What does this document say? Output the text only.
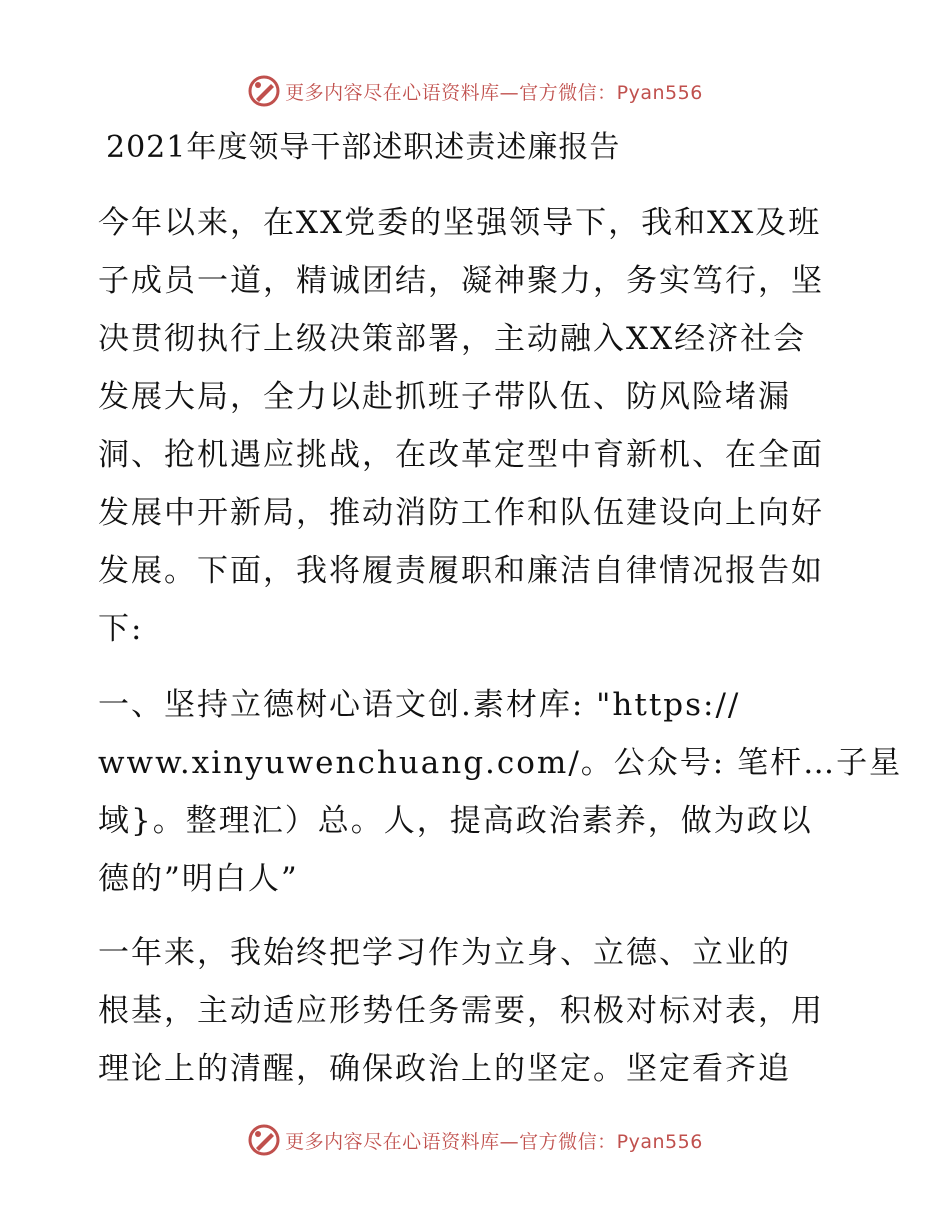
更多内容尽在心语资料库—官方微信：Pyan556
2021年度领导干部述职述责述廉报告
今年以来，在XX党委的坚强领导下，我和XX及班
子成员一道，精诚团结，凝神聚力，务实笃行，坚
决贯彻执行上级决策部署，主动融入XX经济社会
发展大局，全力以赴抓班子带队伍、防风险堵漏
洞、抢机遇应挑战，在改革定型中育新机、在全面
发展中开新局，推动消防工作和队伍建设向上向好
发展。下面，我将履责履职和廉洁自律情况报告如
下:
一、坚持立德树心语文创.素材库: "https://
www.xinyuwenchuang.com/。公众号: 笔杆…子星
域}。整理汇）总。人，提高政治素养，做为政以
德的”明白人”
一年来，我始终把学习作为立身、立德、立业的
根基，主动适应形势任务需要，积极对标对表，用
理论上的清醒，确保政治上的坚定。坚定看齐追
更多内容尽在心语资料库—官方微信：Pyan556
